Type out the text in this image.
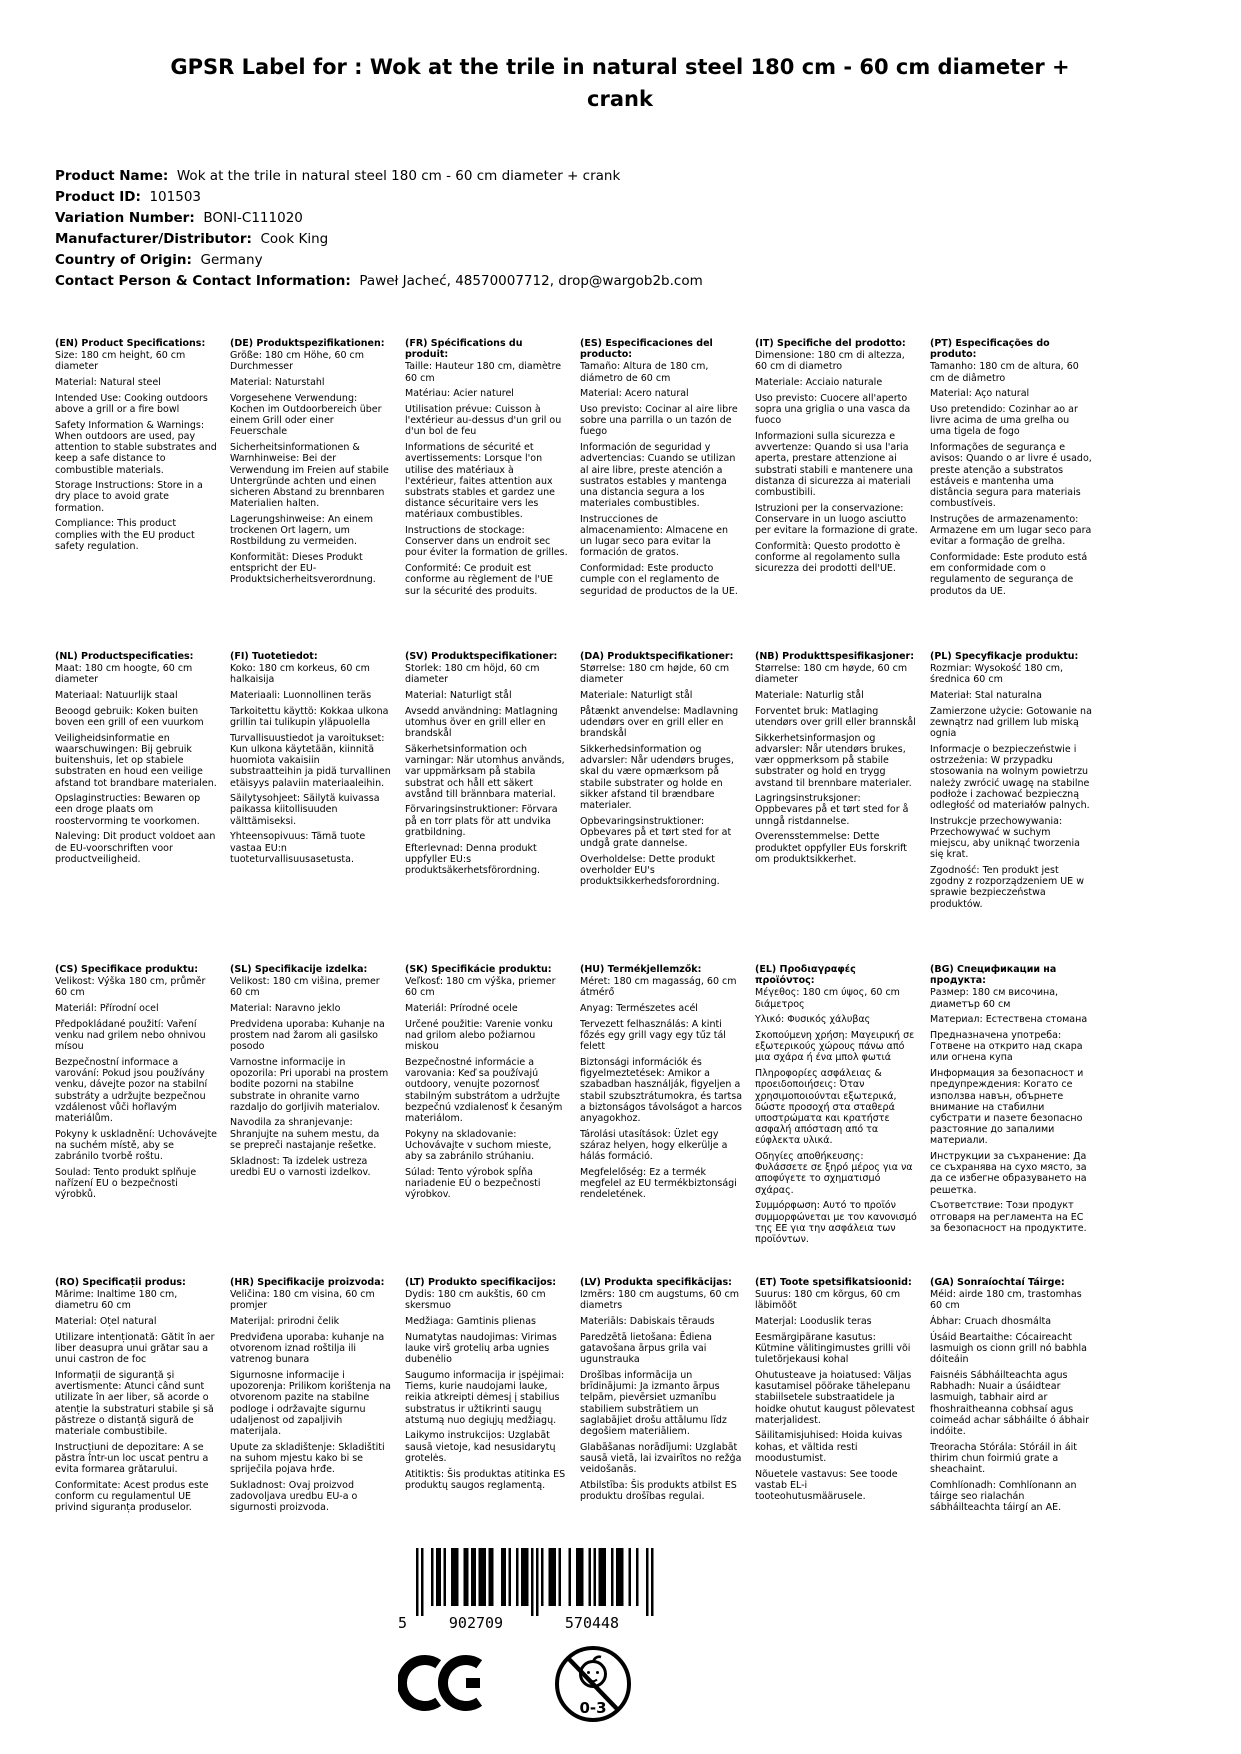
GPSR Label for : Wok at the trile in natural steel 180 cm - 60 cm diameter + crank
Product Name:  Wok at the trile in natural steel 180 cm - 60 cm diameter + crank
Product ID:  101503
Variation Number:  BONI-C111020
Manufacturer/Distributor:  Cook King
Country of Origin:  Germany
Contact Person & Contact Information:  Paweł Jacheć, 48570007712, drop@wargob2b.com
(EN) Product Specifications:

Size: 180 cm height, 60 cm diameter

Material: Natural steel

Intended Use: Cooking outdoors above a grill or a fire bowl

Safety Information & Warnings: When outdoors are used, pay attention to stable substrates and keep a safe distance to combustible materials.

Storage Instructions: Store in a dry place to avoid grate formation.

Compliance: This product complies with the EU product safety regulation.

(DE) Produktspezifikationen:

Größe: 180 cm Höhe, 60 cm Durchmesser

Material: Naturstahl

Vorgesehene Verwendung: Kochen im Outdoorbereich über einem Grill oder einer Feuerschale

Sicherheitsinformationen & Warnhinweise: Bei der Verwendung im Freien auf stabile Untergründe achten und einen sicheren Abstand zu brennbaren Materialien halten.

Lagerungshinweise: An einem trockenen Ort lagern, um Rostbildung zu vermeiden.

Konformität: Dieses Produkt entspricht der EU-Produktsicherheitsverordnung.

(FR) Spécifications du produit:

Taille: Hauteur 180 cm, diamètre 60 cm

Matériau: Acier naturel

Utilisation prévue: Cuisson à l'extérieur au-dessus d'un gril ou d'un bol de feu

Informations de sécurité et avertissements: Lorsque l'on utilise des matériaux à l'extérieur, faites attention aux substrats stables et gardez une distance sécuritaire vers les matériaux combustibles.

Instructions de stockage: Conserver dans un endroit sec pour éviter la formation de grilles.

Conformité: Ce produit est conforme au règlement de l'UE sur la sécurité des produits.

(ES) Especificaciones del producto:

Tamaño: Altura de 180 cm, diámetro de 60 cm

Material: Acero natural

Uso previsto: Cocinar al aire libre sobre una parrilla o un tazón de fuego

Información de seguridad y advertencias: Cuando se utilizan al aire libre, preste atención a sustratos estables y mantenga una distancia segura a los materiales combustibles.

Instrucciones de almacenamiento: Almacene en un lugar seco para evitar la formación de gratos.

Conformidad: Este producto cumple con el reglamento de seguridad de productos de la UE.

(IT) Specifiche del prodotto:

Dimensione: 180 cm di altezza, 60 cm di diametro

Materiale: Acciaio naturale

Uso previsto: Cuocere all'aperto sopra una griglia o una vasca da fuoco

Informazioni sulla sicurezza e avvertenze: Quando si usa l'aria aperta, prestare attenzione ai substrati stabili e mantenere una distanza di sicurezza ai materiali combustibili.

Istruzioni per la conservazione: Conservare in un luogo asciutto per evitare la formazione di grate.

Conformità: Questo prodotto è conforme al regolamento sulla sicurezza dei prodotti dell'UE.

(PT) Especificações do produto:

Tamanho: 180 cm de altura, 60 cm de diâmetro

Material: Aço natural

Uso pretendido: Cozinhar ao ar livre acima de uma grelha ou uma tigela de fogo

Informações de segurança e avisos: Quando o ar livre é usado, preste atenção a substratos estáveis e mantenha uma distância segura para materiais combustíveis.

Instruções de armazenamento: Armazene em um lugar seco para evitar a formação de grelha.

Conformidade: Este produto está em conformidade com o regulamento de segurança de produtos da UE.

(NL) Productspecificaties:

Maat: 180 cm hoogte, 60 cm diameter

Materiaal: Natuurlijk staal

Beoogd gebruik: Koken buiten boven een grill of een vuurkom

Veiligheidsinformatie en waarschuwingen: Bij gebruik buitenshuis, let op stabiele substraten en houd een veilige afstand tot brandbare materialen.

Opslaginstructies: Bewaren op een droge plaats om roostervorming te voorkomen.

Naleving: Dit product voldoet aan de EU-voorschriften voor productveiligheid.

(FI) Tuotetiedot:

Koko: 180 cm korkeus, 60 cm halkaisija

Materiaali: Luonnollinen teräs

Tarkoitettu käyttö: Kokkaa ulkona grillin tai tulikupin yläpuolella

Turvallisuustiedot ja varoitukset: Kun ulkona käytetään, kiinnitä huomiota vakaisiin substraatteihin ja pidä turvallinen etäisyys palaviin materiaaleihin.

Säilytysohjeet: Säilytä kuivassa paikassa kiitollisuuden välttämiseksi.

Yhteensopivuus: Tämä tuote vastaa EU:n tuoteturvallisuusasetusta.

(SV) Produktspecifikationer:

Storlek: 180 cm höjd, 60 cm diameter

Material: Naturligt stål

Avsedd användning: Matlagning utomhus över en grill eller en brandskål

Säkerhetsinformation och varningar: När utomhus används, var uppmärksam på stabila substrat och håll ett säkert avstånd till brännbara material.

Förvaringsinstruktioner: Förvara på en torr plats för att undvika gratbildning.

Efterlevnad: Denna produkt uppfyller EU:s produktsäkerhetsförordning.

(DA) Produktspecifikationer:

Størrelse: 180 cm højde, 60 cm diameter

Materiale: Naturligt stål

Påtænkt anvendelse: Madlavning udendørs over en grill eller en brandskål

Sikkerhedsinformation og advarsler: Når udendørs bruges, skal du være opmærksom på stabile substrater og holde en sikker afstand til brændbare materialer.

Opbevaringsinstruktioner: Opbevares på et tørt sted for at undgå grate dannelse.

Overholdelse: Dette produkt overholder EU's produktsikkerhedsforordning.

(NB) Produkttspesifikasjoner:

Størrelse: 180 cm høyde, 60 cm diameter

Materiale: Naturlig stål

Forventet bruk: Matlaging utendørs over grill eller brannskål

Sikkerhetsinformasjon og advarsler: Når utendørs brukes, vær oppmerksom på stabile substrater og hold en trygg avstand til brennbare materialer.

Lagringsinstruksjoner: Oppbevares på et tørt sted for å unngå ristdannelse.

Overensstemmelse: Dette produktet oppfyller EUs forskrift om produktsikkerhet.

(PL) Specyfikacje produktu:

Rozmiar: Wysokość 180 cm, średnica 60 cm

Materiał: Stal naturalna

Zamierzone użycie: Gotowanie na zewnątrz nad grillem lub miską ognia

Informacje o bezpieczeństwie i ostrzeżenia: W przypadku stosowania na wolnym powietrzu należy zwrócić uwagę na stabilne podłoże i zachować bezpieczną odległość od materiałów palnych.

Instrukcje przechowywania: Przechowywać w suchym miejscu, aby uniknąć tworzenia się krat.

Zgodność: Ten produkt jest zgodny z rozporządzeniem UE w sprawie bezpieczeństwa produktów.

(CS) Specifikace produktu:

Velikost: Výška 180 cm, průměr 60 cm

Materiál: Přírodní ocel

Předpokládané použití: Vaření venku nad grilem nebo ohnivou mísou

Bezpečnostní informace a varování: Pokud jsou používány venku, dávejte pozor na stabilní substráty a udržujte bezpečnou vzdálenost vůči hořlavým materiálům.

Pokyny k uskladnění: Uchovávejte na suchém místě, aby se zabránilo tvorbě roštu.

Soulad: Tento produkt splňuje nařízení EU o bezpečnosti výrobků.

(SL) Specifikacije izdelka:

Velikost: 180 cm višina, premer 60 cm

Material: Naravno jeklo

Predvidena uporaba: Kuhanje na prostem nad žarom ali gasilsko posodo

Varnostne informacije in opozorila: Pri uporabi na prostem bodite pozorni na stabilne substrate in ohranite varno razdaljo do gorljivih materialov.

Navodila za shranjevanje: Shranjujte na suhem mestu, da se prepreči nastajanje rešetke.

Skladnost: Ta izdelek ustreza uredbi EU o varnosti izdelkov.

(SK) Špecifikácie produktu:

Veľkosť: 180 cm výška, priemer 60 cm

Materiál: Prírodné ocele

Určené použitie: Varenie vonku nad grilom alebo požiarnou miskou

Bezpečnostné informácie a varovania: Keď sa používajú outdoory, venujte pozornosť stabilným substrátom a udržujte bezpečnú vzdialenosť k česaným materiálom.

Pokyny na skladovanie: Uchovávajte v suchom mieste, aby sa zabránilo strúhaniu.

Súlad: Tento výrobok spĺňa nariadenie EÚ o bezpečnosti výrobkov.

(HU) Termékjellemzők:

Méret: 180 cm magasság, 60 cm átmérő

Anyag: Természetes acél

Tervezett felhasználás: A kinti főzés egy grill vagy egy tűz tál felett

Biztonsági információk és figyelmeztetések: Amikor a szabadban használják, figyeljen a stabil szubsztrátumokra, és tartsa a biztonságos távolságot a harcos anyagokhoz.

Tárolási utasítások: Üzlet egy száraz helyen, hogy elkerülje a hálás formáció.

Megfelelőség: Ez a termék megfelel az EU termékbiztonsági rendeletének.

(EL) Προδιαγραφές προϊόντος:

Μέγεθος: 180 cm ύψος, 60 cm διάμετρος

Υλικό: Φυσικός χάλυβας

Σκοπούμενη χρήση: Μαγειρική σε εξωτερικούς χώρους πάνω από μια σχάρα ή ένα μπολ φωτιά

Πληροφορίες ασφάλειας & προειδοποιήσεις: Όταν χρησιμοποιούνται εξωτερικά, δώστε προσοχή στα σταθερά υποστρώματα και κρατήστε ασφαλή απόσταση από τα εύφλεκτα υλικά.

Οδηγίες αποθήκευσης: Φυλάσσετε σε ξηρό μέρος για να αποφύγετε το σχηματισμό σχάρας.

Συμμόρφωση: Αυτό το προϊόν συμμορφώνεται με τον κανονισμό της ΕΕ για την ασφάλεια των προϊόντων.

(BG) Спецификации на продукта:

Размер: 180 см височина, диаметър 60 см

Материал: Естествена стомана

Предназначена употреба: Готвене на открито над скара или огнена купа

Информация за безопасност и предупреждения: Когато се използва навън, обърнете внимание на стабилни субстрати и пазете безопасно разстояние до запалими материали.

Инструкции за съхранение: Да се съхранява на сухо място, за да се избегне образуването на решетка.

Съответствие: Този продукт отговаря на регламента на ЕС за безопасност на продуктите.

(RO) Specificații produs:

Mărime: Inaltime 180 cm, diametru 60 cm

Material: Oțel natural

Utilizare intenționată: Gătit în aer liber deasupra unui grătar sau a unui castron de foc

Informații de siguranță și avertismente: Atunci când sunt utilizate în aer liber, să acorde o atenție la substraturi stabile și să păstreze o distanță sigură de materiale combustibile.

Instrucțiuni de depozitare: A se păstra într-un loc uscat pentru a evita formarea grătarului.

Conformitate: Acest produs este conform cu regulamentul UE privind siguranța produselor.

(HR) Specifikacije proizvoda:

Veličina: 180 cm visina, 60 cm promjer

Materijal: prirodni čelik

Predviđena uporaba: kuhanje na otvorenom iznad roštilja ili vatrenog bunara

Sigurnosne informacije i upozorenja: Prilikom korištenja na otvorenom pazite na stabilne podloge i održavajte sigurnu udaljenost od zapaljivih materijala.

Upute za skladištenje: Skladištiti na suhom mjestu kako bi se spriječila pojava hrđe.

Sukladnost: Ovaj proizvod zadovoljava uredbu EU-a o sigurnosti proizvoda.

(LT) Produkto specifikacijos:

Dydis: 180 cm aukštis, 60 cm skersmuo

Medžiaga: Gamtinis plienas

Numatytas naudojimas: Virimas lauke virš grotelių arba ugnies dubenėlio

Saugumo informacija ir įspėjimai: Tiems, kurie naudojami lauke, reikia atkreipti dėmesį į stabilius substratus ir užtikrinti saugų atstumą nuo degiųjų medžiagų.

Laikymo instrukcijos: Uzglabāt sausā vietoje, kad nesusidarytų grotelės.

Atitiktis: Šis produktas atitinka ES produktų saugos reglamentą.

(LV) Produkta specifikācijas:

Izmērs: 180 cm augstums, 60 cm diametrs

Materiāls: Dabiskais tērauds

Paredzētā lietošana: Ēdiena gatavošana ārpus grila vai ugunstrauka

Drošības informācija un brīdinājumi: Ja izmanto ārpus telpām, pievērsiet uzmanību stabiliem substrātiem un saglabājiet drošu attālumu līdz degošiem materiāliem.

Glabāšanas norādījumi: Uzglabāt sausā vietā, lai izvairītos no režģa veidošanās.

Atbilstība: Šis produkts atbilst ES produktu drošības regulai.

(ET) Toote spetsifikatsioonid:

Suurus: 180 cm kõrgus, 60 cm läbimõõt

Materjal: Looduslik teras

Eesmärgipärane kasutus: Kütmine välitingimustes grilli või tuletõrjekausi kohal

Ohutusteave ja hoiatused: Väljas kasutamisel pöörake tähelepanu stabiilsetele substraatidele ja hoidke ohutut kaugust põlevatest materjalidest.

Säilitamisjuhised: Hoida kuivas kohas, et vältida resti moodustumist.

Nõuetele vastavus: See toode vastab EL-i tooteohutusmäärusele.

(GA) Sonraíochtaí Táirge:

Méid: airde 180 cm, trastomhas 60 cm

Ábhar: Cruach dhosmálta

Úsáid Beartaithe: Cócaireacht lasmuigh os cionn grill nó babhla dóiteáin

Faisnéis Sábháilteachta agus Rabhadh: Nuair a úsáidtear lasmuigh, tabhair aird ar fhoshraitheanna cobhsaí agus coimeád achar sábháilte ó ábhair indóite.

Treoracha Stórála: Stóráil in áit thirim chun foirmiú grate a sheachaint.

Comhlíonadh: Comhlíonann an táirge seo rialachán sábháilteachta táirgí an AE.

5	902709	570448
0-3
